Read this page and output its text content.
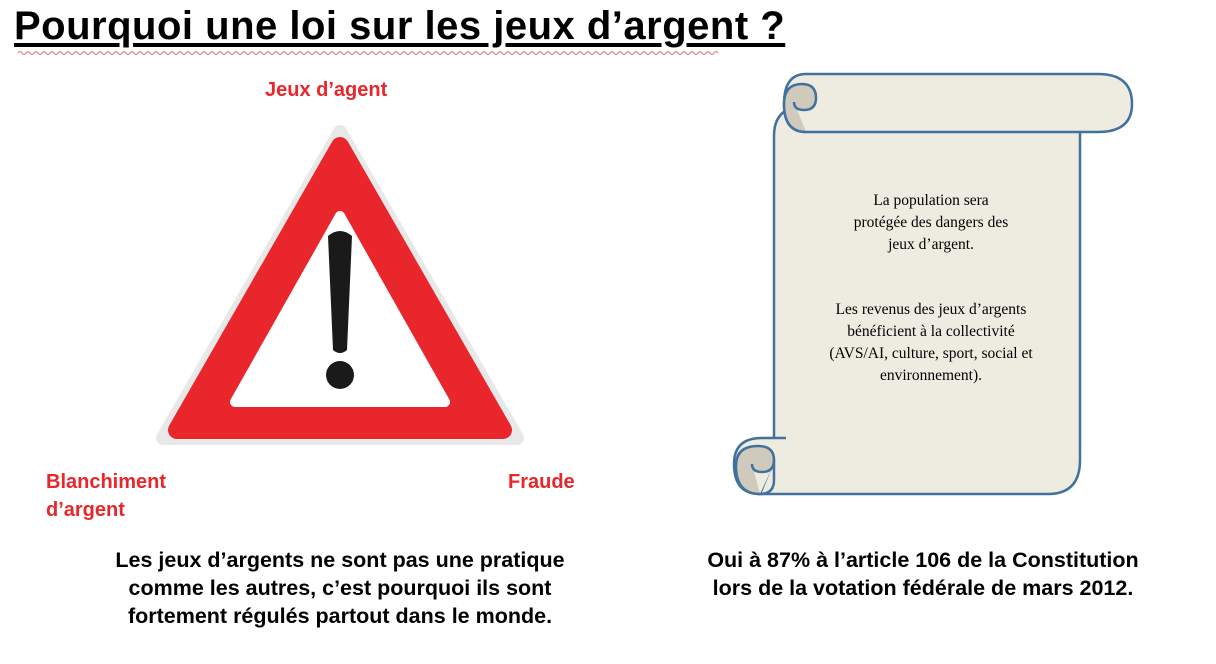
Pourquoi une loi sur les jeux d’argent ?
Jeux d’agent
Blanchiment
d’argent
Fraude
La population sera
protégée des dangers des
jeux d’argent.
Les revenus des jeux d’argents
bénéficient à la collectivité
(AVS/AI, culture, sport, social et
environnement).
Les jeux d’argents ne sont pas une pratique
comme les autres, c’est pourquoi ils sont
fortement régulés partout dans le monde.
Oui à 87% à l’article 106 de la Constitution
lors de la votation fédérale de mars 2012.
